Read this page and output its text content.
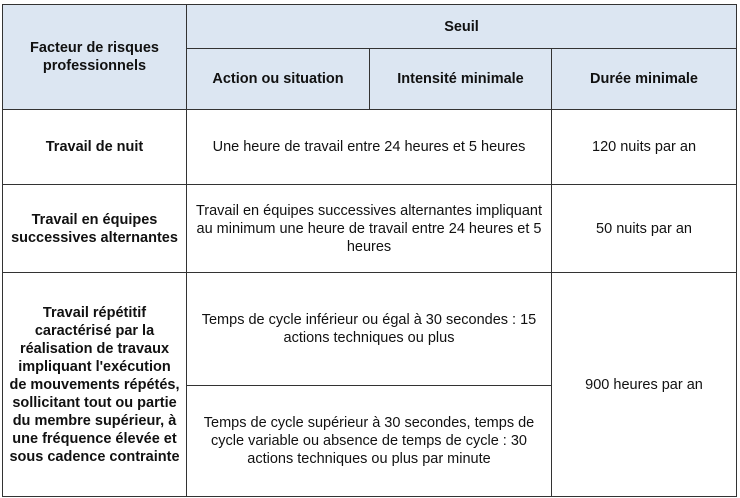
Facteur de risques professionnels	Seuil		
	Action ou situation	Intensité minimale	Durée minimale
Travail de nuit	Une heure de travail entre 24 heures et 5 heures		120 nuits par an
Travail en équipes successives alternantes	Travail en équipes successives alternantes impliquant au minimum une heure de travail entre 24 heures et 5 heures		50 nuits par an
Travail répétitif caractérisé par la réalisation de travaux impliquant l'exécution de mouvements répétés, sollicitant tout ou partie du membre supérieur, à une fréquence élevée et sous cadence contrainte	Temps de cycle inférieur ou égal à 30 secondes : 15 actions techniques ou plus		900 heures par an
	Temps de cycle supérieur à 30 secondes, temps de cycle variable ou absence de temps de cycle : 30 actions techniques ou plus par minute		
